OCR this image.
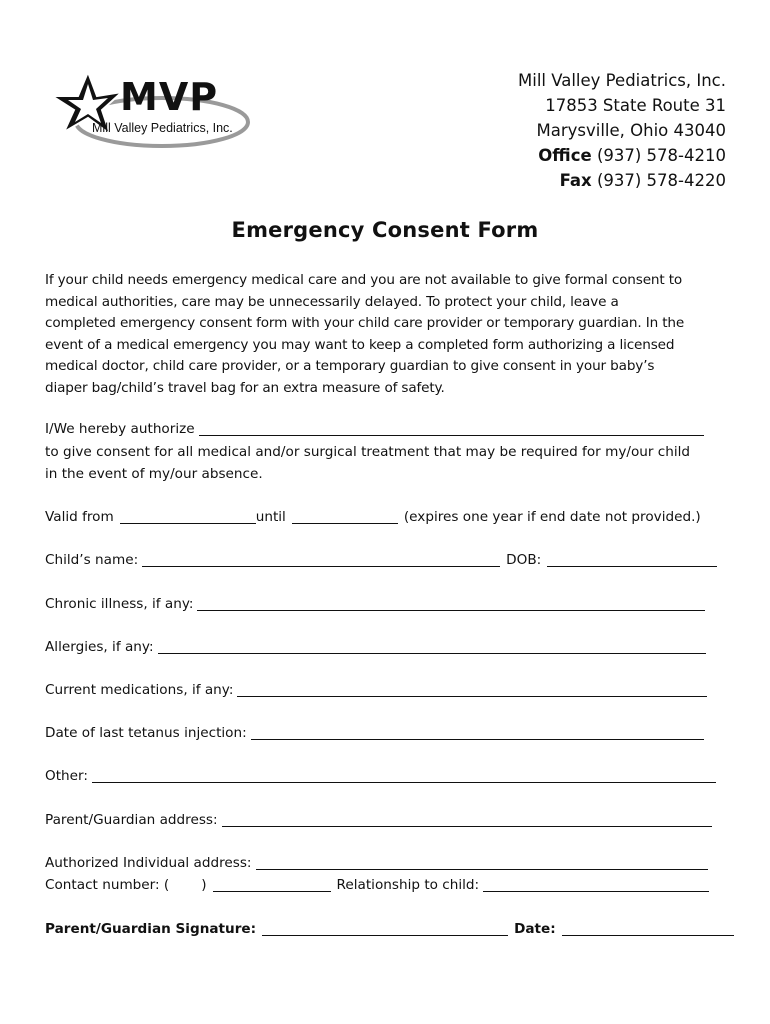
MVP
Mill Valley Pediatrics, Inc.
Mill Valley Pediatrics, Inc.
17853 State Route 31
Marysville, Ohio 43040
Office (937) 578-4210
Fax (937) 578-4220
Emergency Consent Form
If your child needs emergency medical care and you are not available to give formal consent to
medical authorities, care may be unnecessarily delayed. To protect your child, leave a
completed emergency consent form with your child care provider or temporary guardian. In the
event of a medical emergency you may want to keep a completed form authorizing a licensed
medical doctor, child care provider, or a temporary guardian to give consent in your baby’s
diaper bag/child’s travel bag for an extra measure of safety.
I/We hereby authorize
to give consent for all medical and/or surgical treatment that may be required for my/our child
in the event of my/our absence.
Valid from	until	(expires one year if end date not provided.)
Child’s name:	DOB:
Chronic illness, if any:
Allergies, if any:
Current medications, if any:
Date of last tetanus injection:
Other:
Parent/Guardian address:
Authorized Individual address:
Contact number: ( )	Relationship to child:
Parent/Guardian Signature:	Date:
